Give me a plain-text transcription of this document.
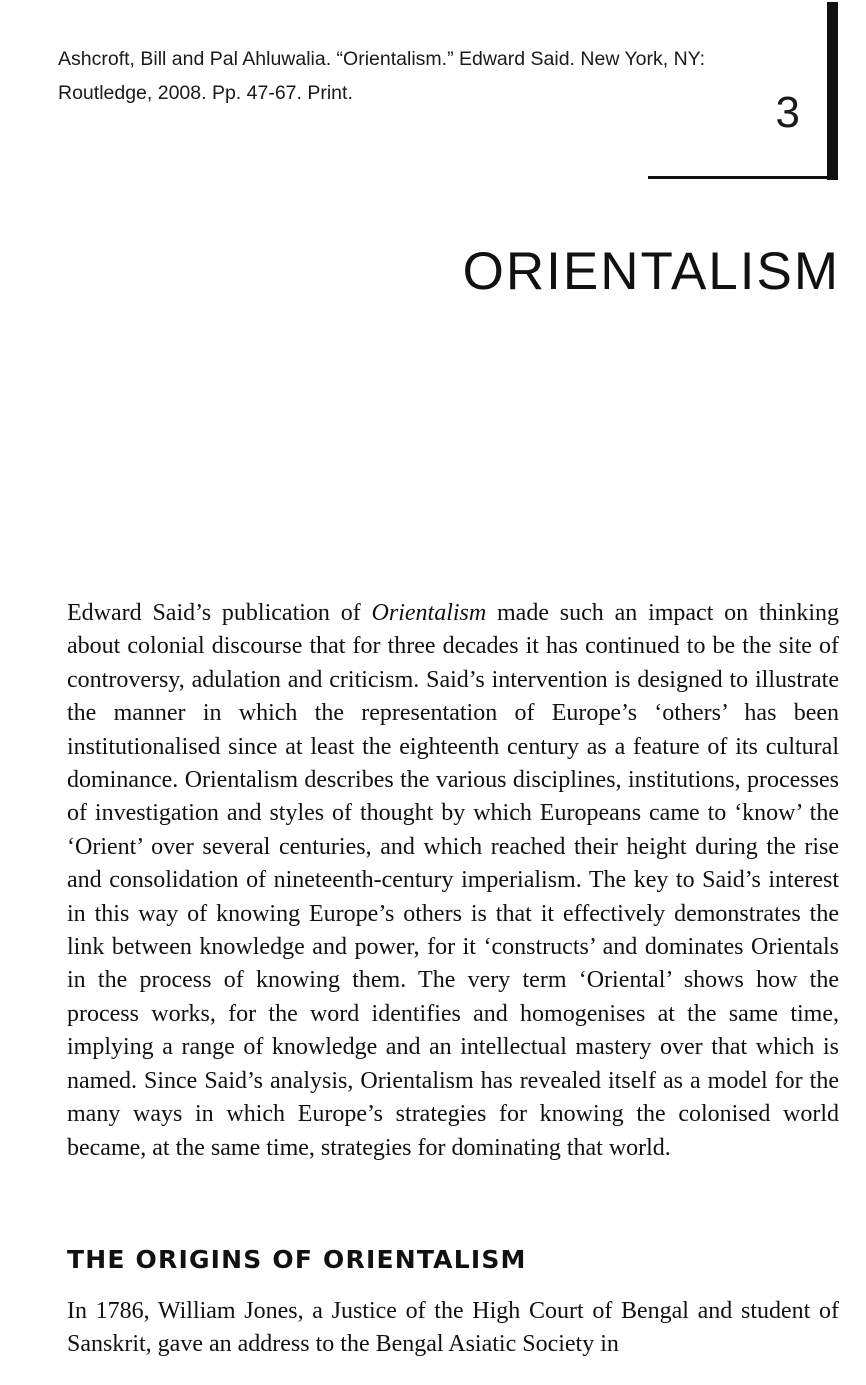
Ashcroft, Bill and Pal Ahluwalia. “Orientalism.” Edward Said. New York, NY:
Routledge, 2008. Pp. 47-67. Print.	3
ORIENTALISM

Edward Said’s publication of Orientalism made such an impact on thinking about colonial discourse that for three decades it has continued to be the site of controversy, adulation and criticism. Said’s intervention is designed to illustrate the manner in which the representation of Europe’s ‘others’ has been institutionalised since at least the eighteenth century as a feature of its cultural dominance. Orientalism describes the various disciplines, institutions, processes of investigation and styles of thought by which Europeans came to ‘know’ the ‘Orient’ over several centuries, and which reached their height during the rise and consolidation of nineteenth-century imperialism. The key to Said’s interest in this way of knowing Europe’s others is that it effectively demonstrates the link between knowledge and power, for it ‘constructs’ and dominates Orientals in the process of knowing them. The very term ‘Oriental’ shows how the process works, for the word identifies and homogenises at the same time, implying a range of knowledge and an intellectual mastery over that which is named. Since Said’s analysis, Orientalism has revealed itself as a model for the many ways in which Europe’s strategies for knowing the colonised world became, at the same time, strategies for dominating that world.

THE ORIGINS OF ORIENTALISM

In 1786, William Jones, a Justice of the High Court of Bengal and student of Sanskrit, gave an address to the Bengal Asiatic Society in
